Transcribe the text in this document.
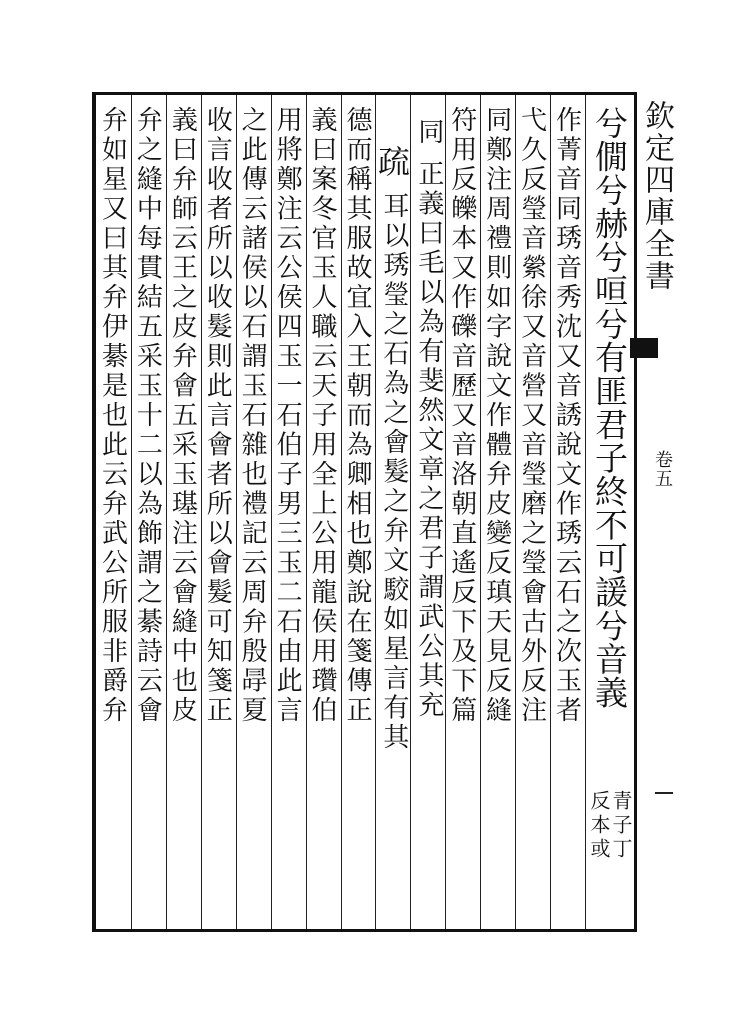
欽定四庫全書
卷五
兮僩兮赫兮咺兮有匪君子終不可諼兮音義
青子丁
反本或
同
正義曰毛以為有斐然文章之君子謂武公其充
疏
耳以琇瑩之石為之會髮之弁文駮如星言有其	作菁音同琇音秀沈又音誘說文作琇云石之次玉者
弋久反瑩音縈徐又音營又音瑩磨之瑩會古外反注
同鄭注周禮則如字說文作體弁皮變反瑱天見反縫
符用反皪本又作礫音歷又音洛朝直遙反下及下篇
德而稱其服故宜入王朝而為卿相也鄭說在箋傳正
義曰案冬官玉人職云天子用全上公用龍侯用瓚伯
用將鄭注云公侯四玉一石伯子男三玉二石由此言
之此傳云諸侯以石謂玉石雜也禮記云周弁殷冔夏
收言收者所以收髮則此言會者所以會髮可知箋正
義曰弁師云王之皮弁會五采玉璂注云會縫中也皮
弁之縫中每貫結五采玉十二以為飾謂之綦詩云會
弁如星又曰其弁伊綦是也此云弁武公所服非爵弁
